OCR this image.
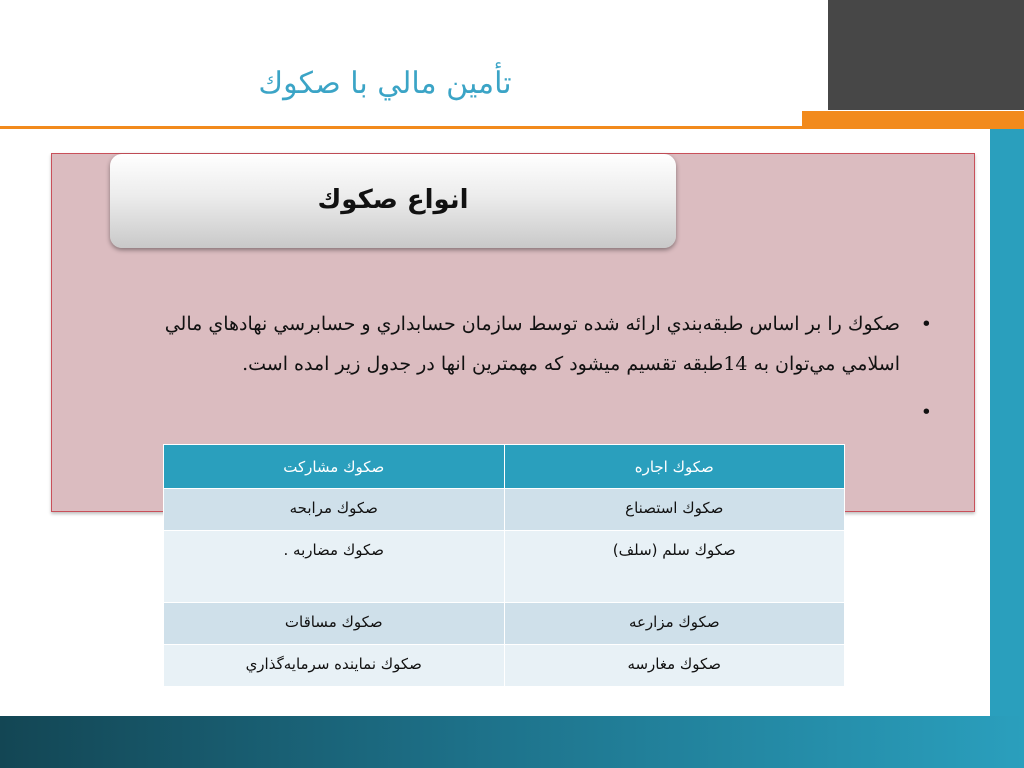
تأمين مالي با صكوك
انواع صكوك
•
صكوك را بر اساس طبقه‌بندي ارائه شده توسط سازمان حسابداري و حسابرسي نهادهاي مالي اسلامي مي‌توان به 14طبقه تقسيم ميشود كه مهمترين انها در جدول زير امده است.
•
صكوك اجاره	صكوك مشاركت
صكوك استصناع	صكوك مرابحه
صكوك سلم (سلف)	صكوك مضاربه .
صكوك مزارعه	صكوك مساقات
صكوك مغارسه	صكوك نماينده سرمايه‌گذاري
